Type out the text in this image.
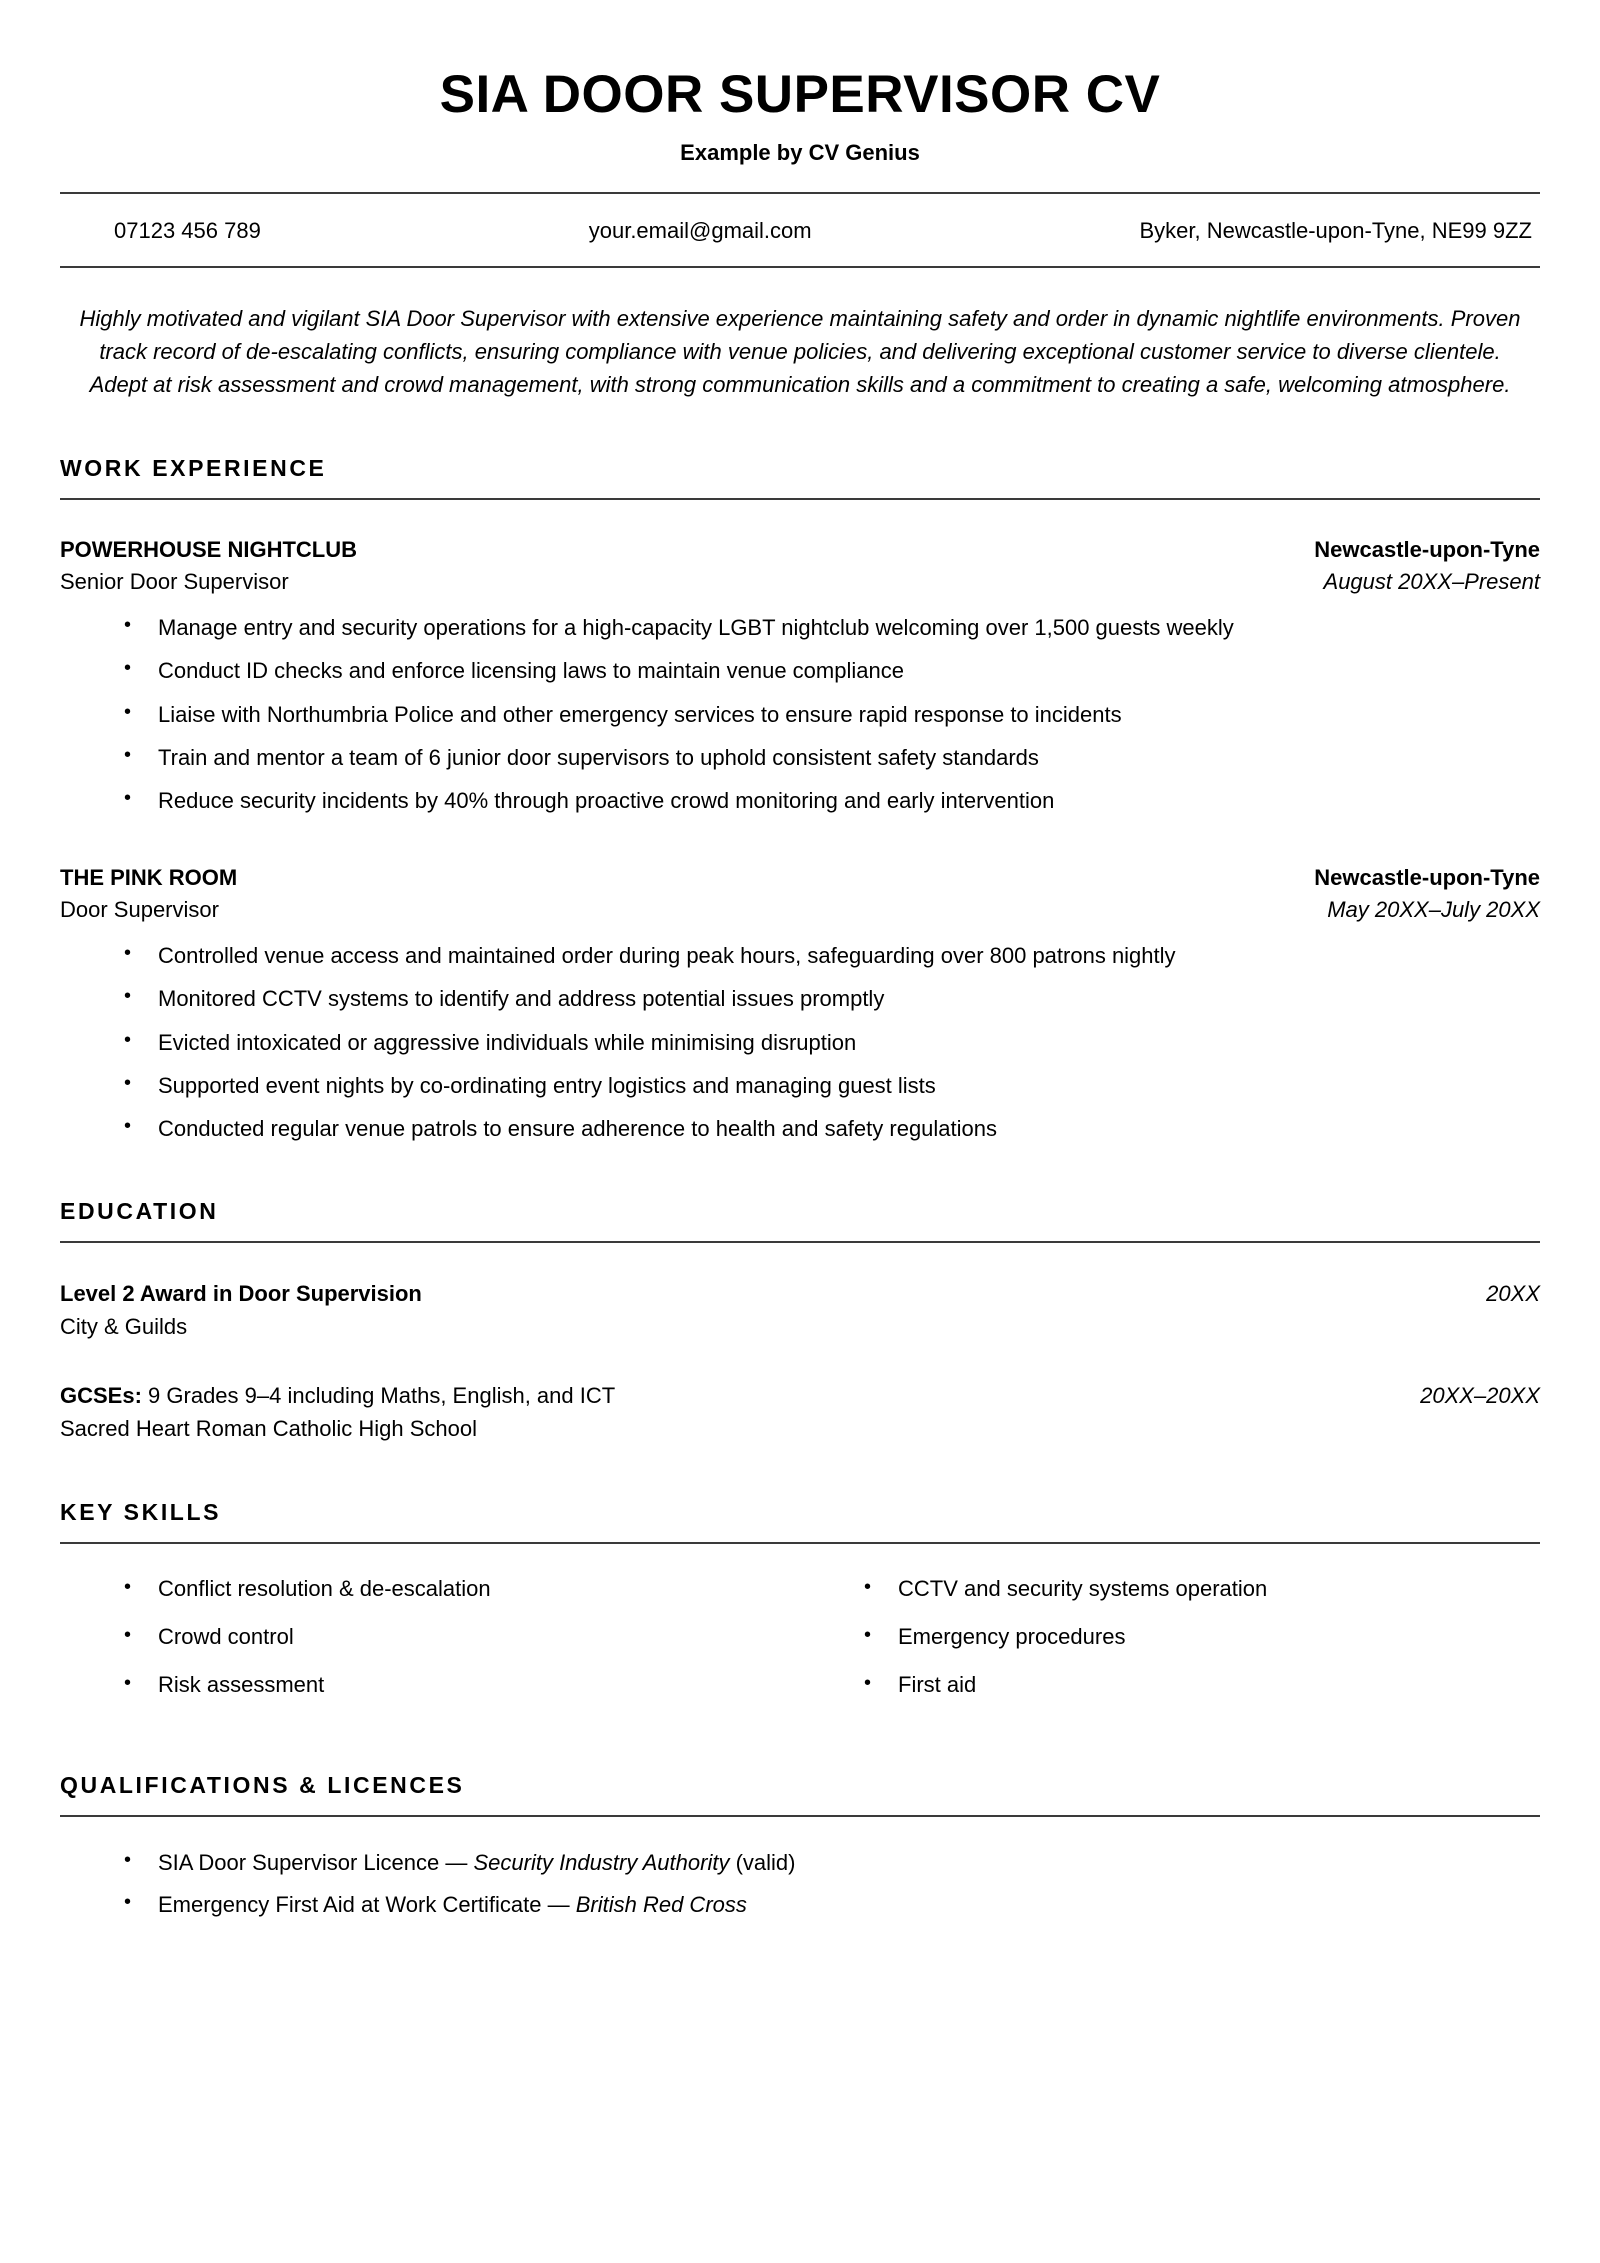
SIA DOOR SUPERVISOR CV
Example by CV Genius
07123 456 789	your.email@gmail.com	Byker, Newcastle-upon-Tyne, NE99 9ZZ

Highly motivated and vigilant SIA Door Supervisor with extensive experience maintaining safety and order in dynamic nightlife environments. Proven track record of de-escalating conflicts, ensuring compliance with venue policies, and delivering exceptional customer service to diverse clientele. Adept at risk assessment and crowd management, with strong communication skills and a commitment to creating a safe, welcoming atmosphere.

WORK EXPERIENCE
POWERHOUSE NIGHTCLUB	Newcastle-upon-Tyne
Senior Door Supervisor	August 20XX–Present
• Manage entry and security operations for a high-capacity LGBT nightclub welcoming over 1,500 guests weekly
• Conduct ID checks and enforce licensing laws to maintain venue compliance
• Liaise with Northumbria Police and other emergency services to ensure rapid response to incidents
• Train and mentor a team of 6 junior door supervisors to uphold consistent safety standards
• Reduce security incidents by 40% through proactive crowd monitoring and early intervention
THE PINK ROOM	Newcastle-upon-Tyne
Door Supervisor	May 20XX–July 20XX
• Controlled venue access and maintained order during peak hours, safeguarding over 800 patrons nightly
• Monitored CCTV systems to identify and address potential issues promptly
• Evicted intoxicated or aggressive individuals while minimising disruption
• Supported event nights by co-ordinating entry logistics and managing guest lists
• Conducted regular venue patrols to ensure adherence to health and safety regulations
EDUCATION
Level 2 Award in Door Supervision	20XX
City & Guilds
GCSEs: 9 Grades 9–4 including Maths, English, and ICT	20XX–20XX
Sacred Heart Roman Catholic High School
KEY SKILLS
• Conflict resolution & de-escalation
• Crowd control
• Risk assessment
• CCTV and security systems operation
• Emergency procedures
• First aid
QUALIFICATIONS & LICENCES
• SIA Door Supervisor Licence — Security Industry Authority (valid)
• Emergency First Aid at Work Certificate — British Red Cross
